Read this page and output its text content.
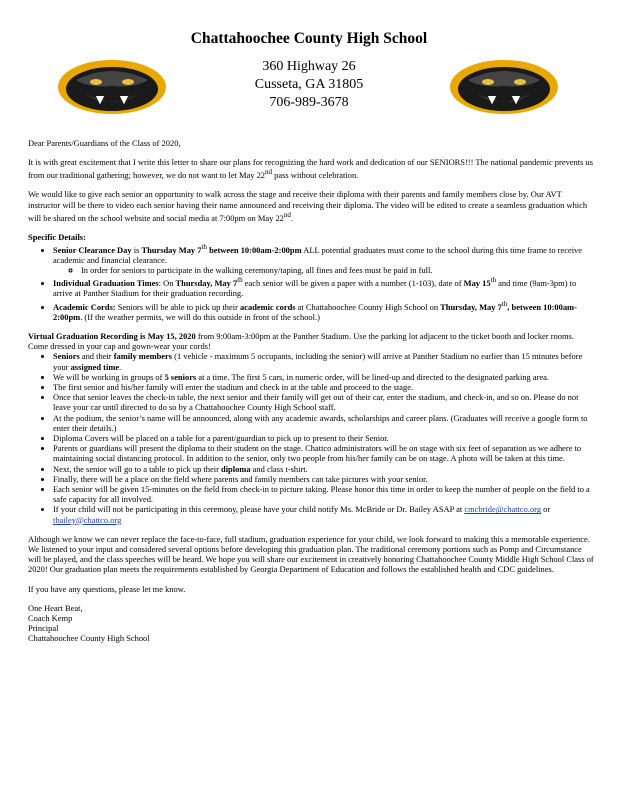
Chattahoochee County High School
360 Highway 26
Cusseta, GA 31805
706-989-3678

Dear Parents/Guardians of the Class of 2020,

It is with great excitement that I write this letter to share our plans for recognizing the hard work and dedication of our SENIORS!!! The national pandemic prevents us from our traditional gathering; however, we do not want to let May 22nd pass without celebration.

We would like to give each senior an opportunity to walk across the stage and receive their diploma with their parents and family members close by. Our AVT instructor will be there to video each senior having their name announced and receiving their diploma. The video will be edited to create a seamless graduation which will be shared on the school website and social media at 7:00pm on May 22nd.

Specific Details:

• Senior Clearance Day is Thursday May 7th between 10:00am-2:00pm ALL potential graduates must come to the school during this time frame to receive academic and financial clearance.
◦ In order for seniors to participate in the walking ceremony/taping, all fines and fees must be paid in full.
• Individual Graduation Times: On Thursday, May 7th each senior will be given a paper with a number (1-103), date of May 15th and time (9am-3pm) to arrive at Panther Stadium for their graduation recording.
• Academic Cords: Seniors will be able to pick up their academic cords at Chattahoochee County High School on Thursday, May 7th, between 10:00am-2:00pm. (If the weather permits, we will do this outside in front of the school.)

Virtual Graduation Recording is May 15, 2020 from 9:00am-3:00pm at the Panther Stadium. Use the parking lot adjacent to the ticket booth and locker rooms. Come dressed in your cap and gown-wear your cords!

• Seniors and their family members (1 vehicle - maximum 5 occupants, including the senior) will arrive at Panther Stadium no earlier than 15 minutes before your assigned time.
• We will be working in groups of 5 seniors at a time. The first 5 cars, in numeric order, will be lined-up and directed to the designated parking area.
• The first senior and his/her family will enter the stadium and check in at the table and proceed to the stage.
• Once that senior leaves the check-in table, the next senior and their family will get out of their car, enter the stadium, and check-in, and so on. Please do not leave your car until directed to do so by a Chattahoochee County High School staff.
• At the podium, the senior’s name will be announced, along with any academic awards, scholarships and career plans. (Graduates will receive a google form to enter their details.)
• Diploma Covers will be placed on a table for a parent/guardian to pick up to present to their Senior.
• Parents or guardians will present the diploma to their student on the stage. Chattco administrators will be on stage with six feet of separation as we adhere to maintaining social distancing protocol. In addition to the senior, only two people from his/her family can be on stage. A photo will be taken at this time.
• Next, the senior will go to a table to pick up their diploma and class t-shirt.
• Finally, there will be a place on the field where parents and family members can take pictures with your senior.
• Each senior will be given 15-minutes on the field from check-in to picture taking. Please honor this time in order to keep the number of people on the field to a safe capacity for all involved.
• If your child will not be participating in this ceremony, please have your child notify Ms. McBride or Dr. Bailey ASAP at cmcbride@chattco.org or tbailey@chattco.org

Although we know we can never replace the face-to-face, full stadium, graduation experience for your child, we look forward to making this a memorable experience. We listened to your input and considered several options before developing this graduation plan. The traditional ceremony portions such as Pomp and Circumstance will be played, and the class speeches will be heard. We hope you will share our excitement in creatively honoring Chattahoochee County Middle High School Class of 2020! Our graduation plan meets the requirements established by Georgia Department of Education and follows the established health and CDC guidelines.

If you have any questions, please let me know.

One Heart Beat,

Coach Kemp

Principal

Chattahoochee County High School
